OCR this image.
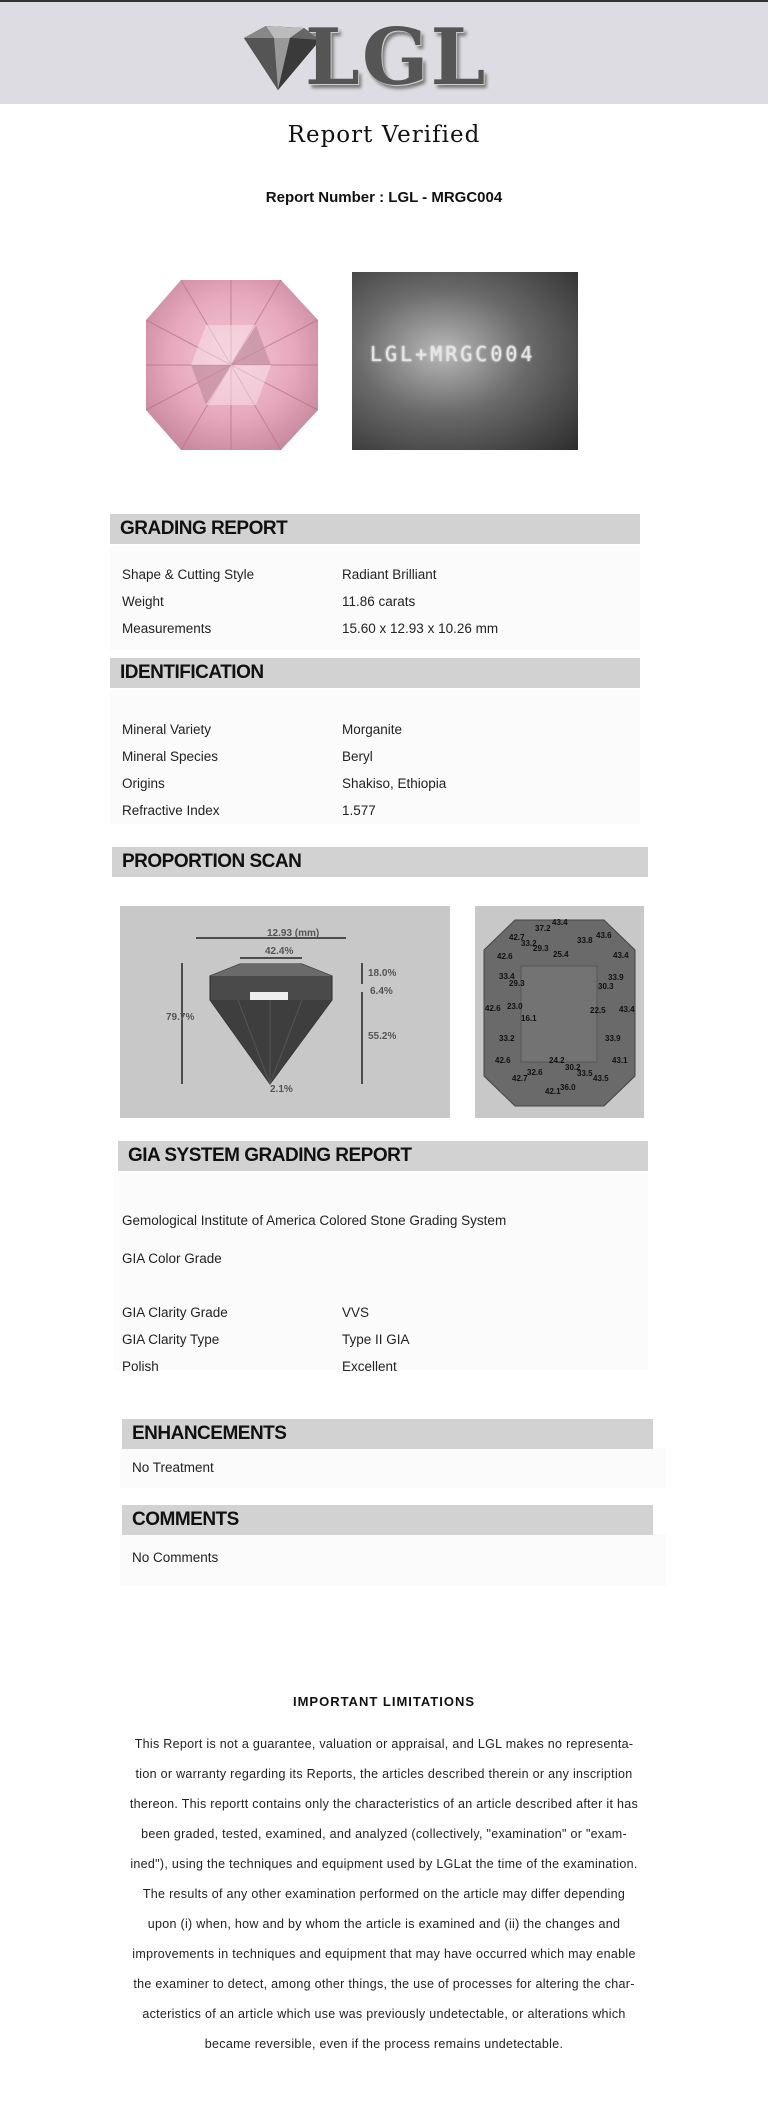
LGL
Report Verified
Report Number : LGL - MRGC004
LGL+MRGC004
GRADING REPORT
Shape & Cutting Style	Radiant Brilliant
Weight	11.86 carats
Measurements	15.60 x 12.93 x 10.26 mm
IDENTIFICATION
Mineral Variety	Morganite
Mineral Species	Beryl
Origins	Shakiso, Ethiopia
Refractive Index	1.577
PROPORTION SCAN
12.93 (mm)
42.4%
18.0%
6.4%
55.2%
79.7%
2.1%
43.4
37.2
42.7
33.2
29.3
33.8
43.6
42.6	25.4	43.4
33.4
29.3
33.9
30.3
42.6 23.0
16.1
22.5 43.4
33.2	33.9
42.6	24.2	43.1
32.6
30.2
42.7
33.5
43.5
42.1 36.0
GIA SYSTEM GRADING REPORT
Gemological Institute of America Colored Stone Grading System
GIA Color Grade
GIA Clarity Grade	VVS
GIA Clarity Type	Type II GIA
Polish	Excellent
ENHANCEMENTS
No Treatment
COMMENTS
No Comments
IMPORTANT LIMITATIONS
This Report is not a guarantee, valuation or appraisal, and LGL makes no representa-
tion or warranty regarding its Reports, the articles described therein or any inscription
thereon. This reportt contains only the characteristics of an article described after it has
been graded, tested, examined, and analyzed (collectively, "examination" or "exam-
ined"), using the techniques and equipment used by LGLat the time of the examination.
The results of any other examination performed on the article may differ depending
upon (i) when, how and by whom the article is examined and (ii) the changes and
improvements in techniques and equipment that may have occurred which may enable
the examiner to detect, among other things, the use of processes for altering the char-
acteristics of an article which use was previously undetectable, or alterations which
became reversible, even if the process remains undetectable.
